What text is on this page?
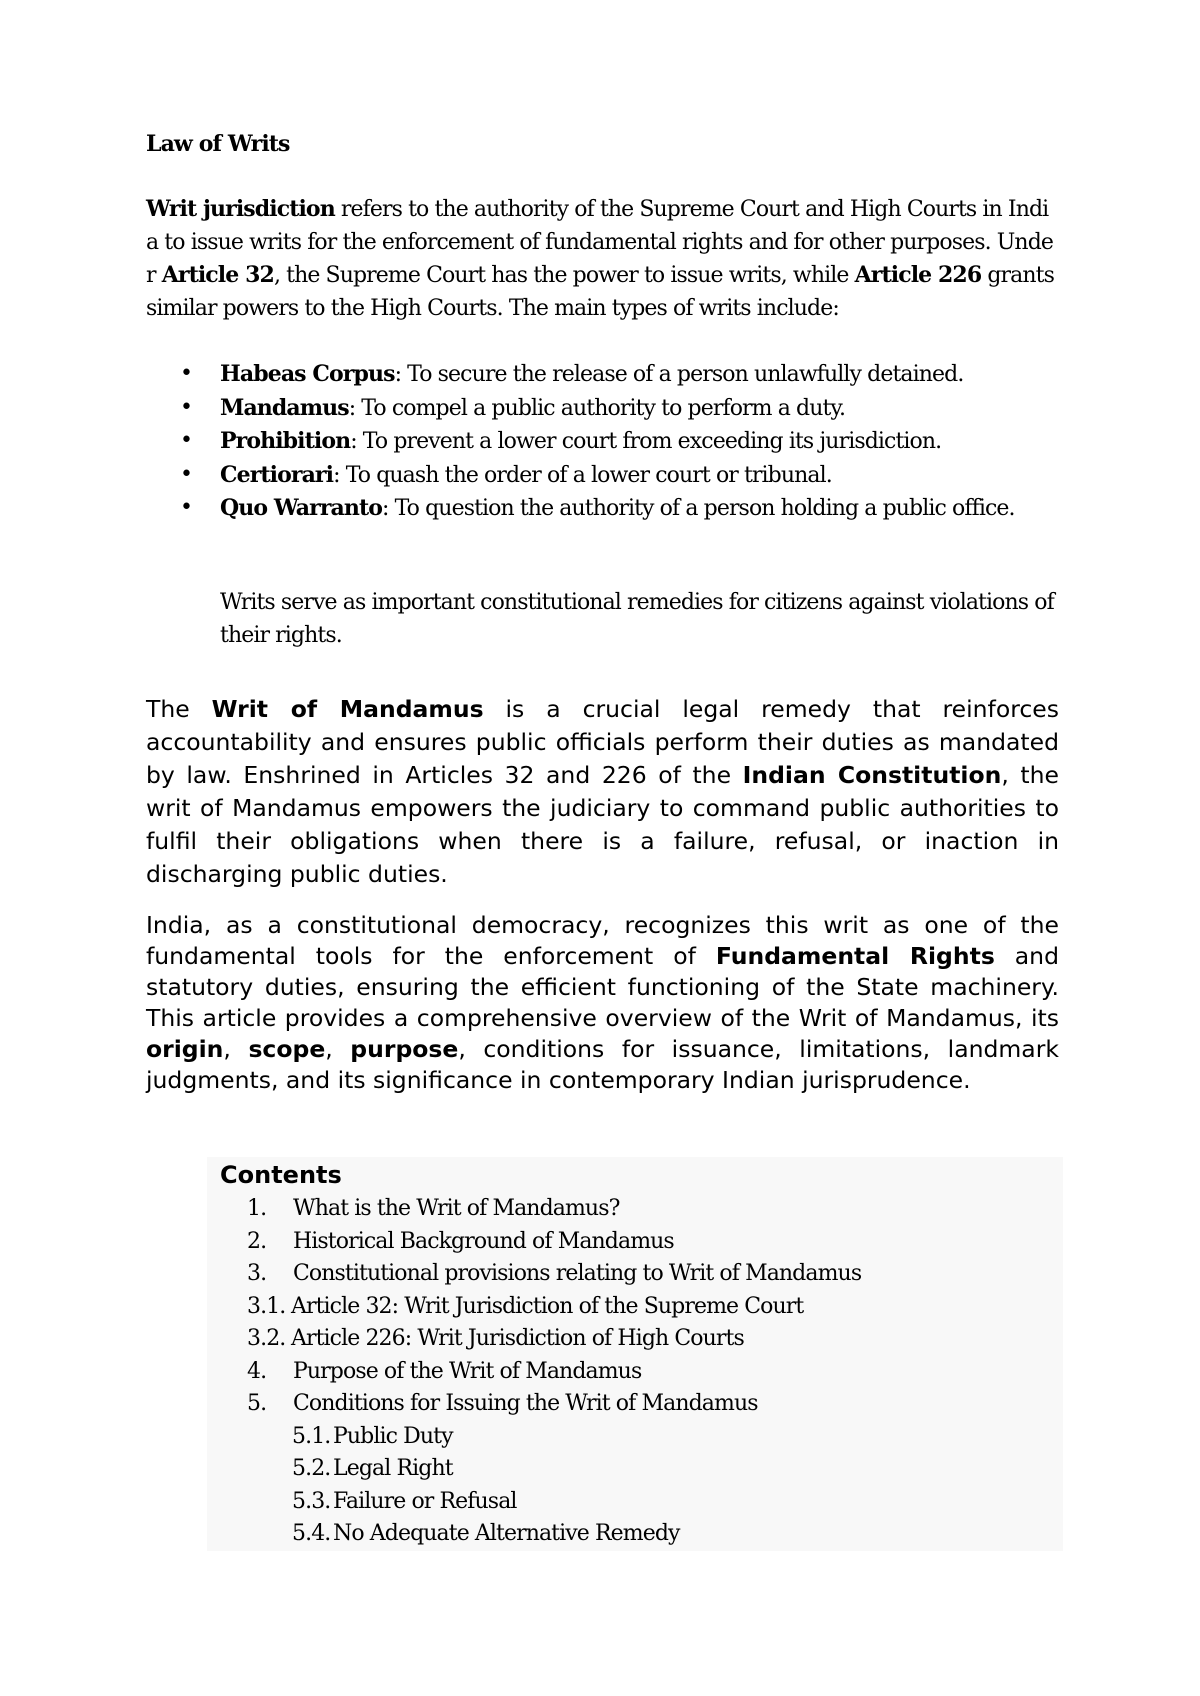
Law of Writs

Writ jurisdiction refers to the authority of the Supreme Court and High Courts in India to issue writs for the enforcement of fundamental rights and for other purposes. Under Article 32, the Supreme Court has the power to issue writs, while Article 226 grants similar powers to the High Courts. The main types of writs include:

• Habeas Corpus: To secure the release of a person unlawfully detained.
• Mandamus: To compel a public authority to perform a duty.
• Prohibition: To prevent a lower court from exceeding its jurisdiction.
• Certiorari: To quash the order of a lower court or tribunal.
• Quo Warranto: To question the authority of a person holding a public office.

Writs serve as important constitutional remedies for citizens against violations of their rights.

The Writ of Mandamus is a crucial legal remedy that reinforces accountability and ensures public officials perform their duties as mandated by law. Enshrined in Articles 32 and 226 of the Indian Constitution, the writ of Mandamus empowers the judiciary to command public authorities to fulfil their obligations when there is a failure, refusal, or inaction in discharging public duties.

India, as a constitutional democracy, recognizes this writ as one of the fundamental tools for the enforcement of Fundamental Rights and statutory duties, ensuring the efficient functioning of the State machinery. This article provides a comprehensive overview of the Writ of Mandamus, its origin, scope, purpose, conditions for issuance, limitations, landmark judgments, and its significance in contemporary Indian jurisprudence.

Contents
1. What is the Writ of Mandamus?
2. Historical Background of Mandamus
3. Constitutional provisions relating to Writ of Mandamus
3.1. Article 32: Writ Jurisdiction of the Supreme Court
3.2. Article 226: Writ Jurisdiction of High Courts
4. Purpose of the Writ of Mandamus
5. Conditions for Issuing the Writ of Mandamus
5.1. Public Duty
5.2. Legal Right
5.3. Failure or Refusal
5.4. No Adequate Alternative Remedy
